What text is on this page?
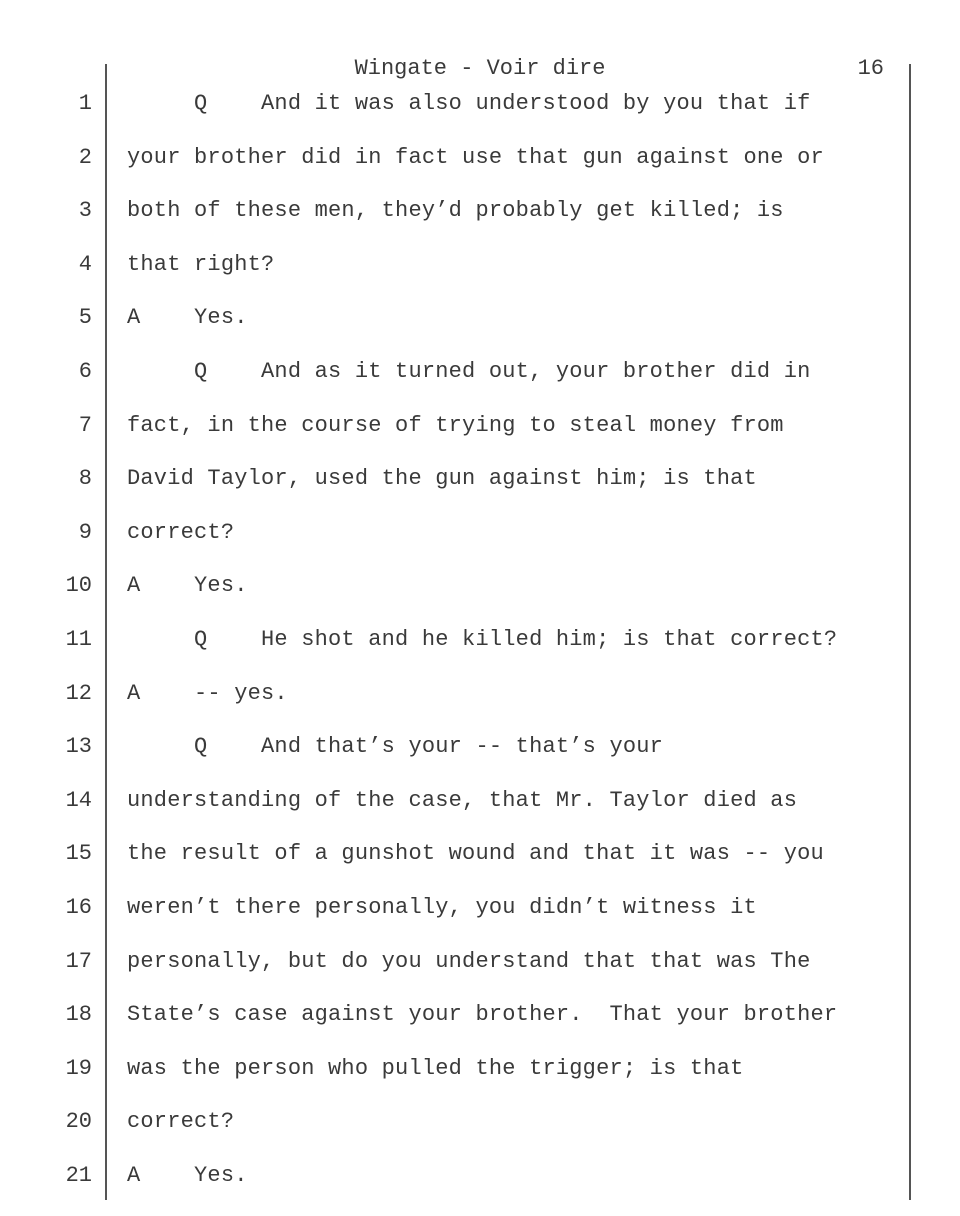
Wingate - Voir dire	16
1 Q    And it was also understood by you that if
2 your brother did in fact use that gun against one or
3 both of these men, they’d probably get killed; is
4 that right?
5 A    Yes.
6 Q    And as it turned out, your brother did in
7 fact, in the course of trying to steal money from
8 David Taylor, used the gun against him; is that
9 correct?
10 A    Yes.
11 Q    He shot and he killed him; is that correct?
12 A    -- yes.
13 Q    And that’s your -- that’s your
14 understanding of the case, that Mr. Taylor died as
15 the result of a gunshot wound and that it was -- you
16 weren’t there personally, you didn’t witness it
17 personally, but do you understand that that was The
18 State’s case against your brother.  That your brother
19 was the person who pulled the trigger; is that
20 correct?
21 A    Yes.
